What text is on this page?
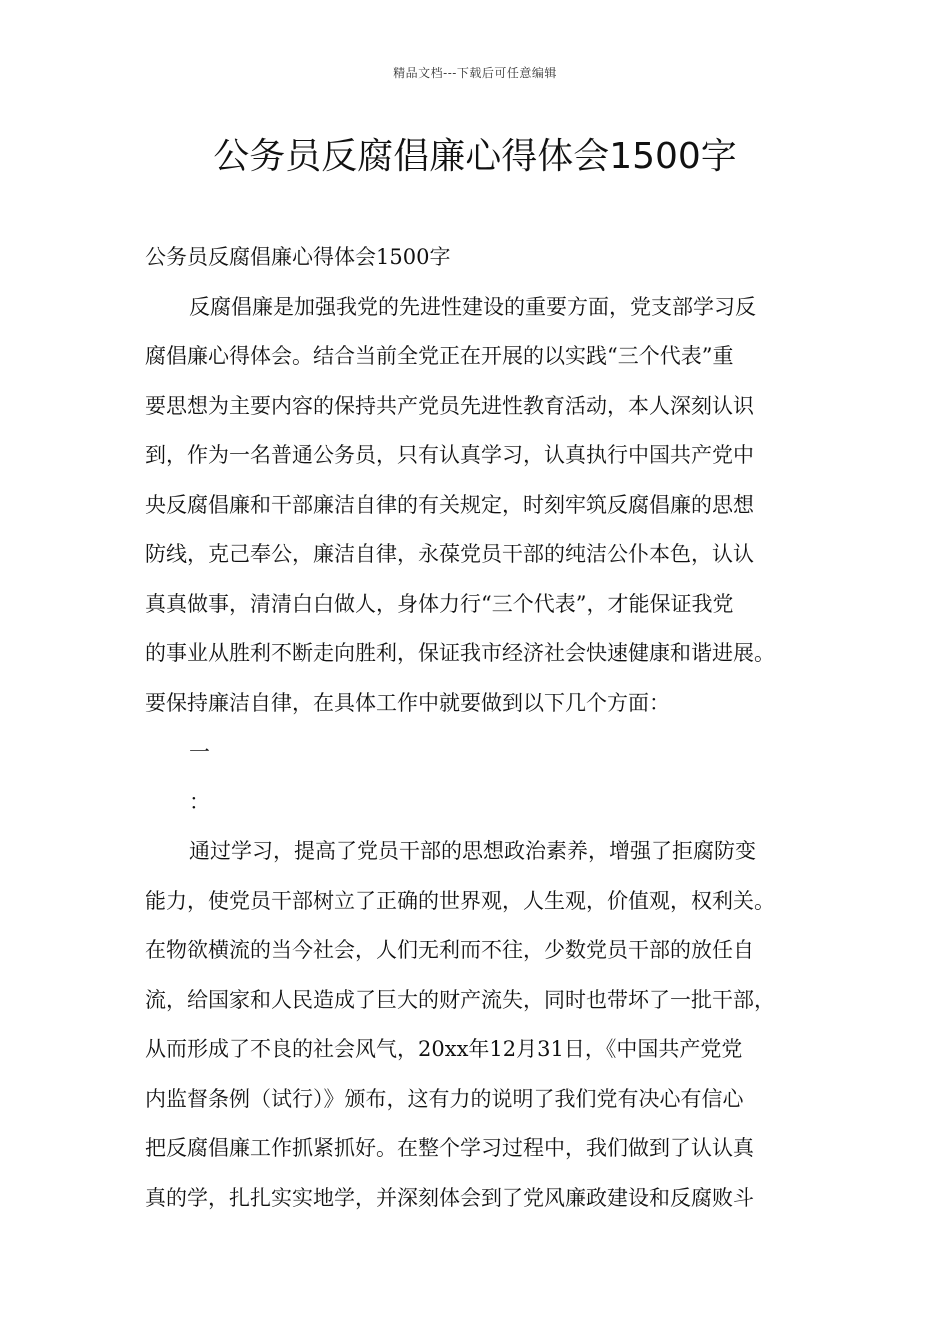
精品文档---下载后可任意编辑
公务员反腐倡廉心得体会1500字

公务员反腐倡廉心得体会1500字

反腐倡廉是加强我党的先进性建设的重要方面，党支部学习反
腐倡廉心得体会。结合当前全党正在开展的以实践“三个代表”重
要思想为主要内容的保持共产党员先进性教育活动，本人深刻认识
到，作为一名普通公务员，只有认真学习，认真执行中国共产党中
央反腐倡廉和干部廉洁自律的有关规定，时刻牢筑反腐倡廉的思想
防线，克己奉公，廉洁自律，永葆党员干部的纯洁公仆本色，认认
真真做事，清清白白做人，身体力行“三个代表”，才能保证我党
的事业从胜利不断走向胜利，保证我市经济社会快速健康和谐进展。
要保持廉洁自律，在具体工作中就要做到以下几个方面：

一
：

通过学习，提高了党员干部的思想政治素养，增强了拒腐防变
能力，使党员干部树立了正确的世界观，人生观，价值观，权利关。
在物欲横流的当今社会，人们无利而不往，少数党员干部的放任自
流，给国家和人民造成了巨大的财产流失，同时也带坏了一批干部，
从而形成了不良的社会风气，20xx年12月31日，《中国共产党党
内监督条例（试行）》颁布，这有力的说明了我们党有决心有信心
把反腐倡廉工作抓紧抓好。在整个学习过程中，我们做到了认认真
真的学，扎扎实实地学，并深刻体会到了党风廉政建设和反腐败斗
